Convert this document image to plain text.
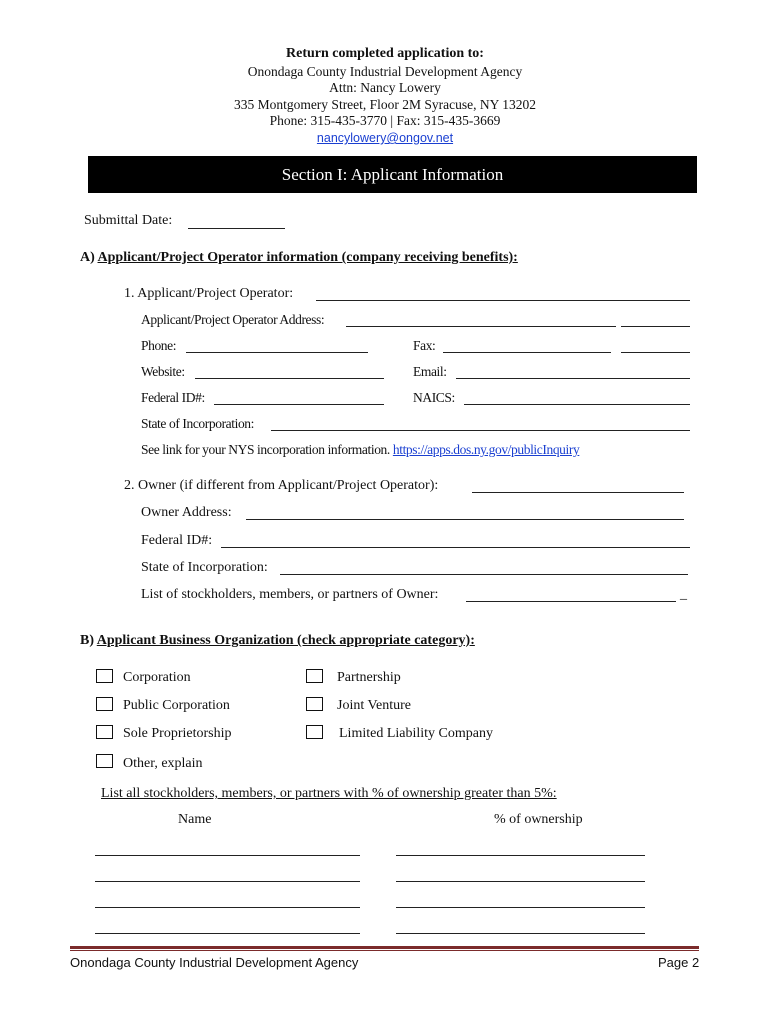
Return completed application to:
Onondaga County Industrial Development Agency
Attn: Nancy Lowery
335 Montgomery Street, Floor 2M Syracuse, NY 13202
Phone: 315-435-3770 | Fax: 315-435-3669
nancylowery@ongov.net
Section I: Applicant Information
Submittal Date:
A) Applicant/Project Operator information (company receiving benefits):
1. Applicant/Project Operator:
Applicant/Project Operator Address:
Phone:	Fax:
Website:	Email:
Federal ID#:	NAICS:
State of Incorporation:
See link for your NYS incorporation information. https://apps.dos.ny.gov/publicInquiry
2. Owner (if different from Applicant/Project Operator):
Owner Address:
Federal ID#:
State of Incorporation:
List of stockholders, members, or partners of Owner:	_
B) Applicant Business Organization (check appropriate category):
Corporation	Partnership
Public Corporation	Joint Venture
Sole Proprietorship	Limited Liability Company
Other, explain
List all stockholders, members, or partners with % of ownership greater than 5%:
Name	% of ownership
Onondaga County Industrial Development Agency	Page 2
